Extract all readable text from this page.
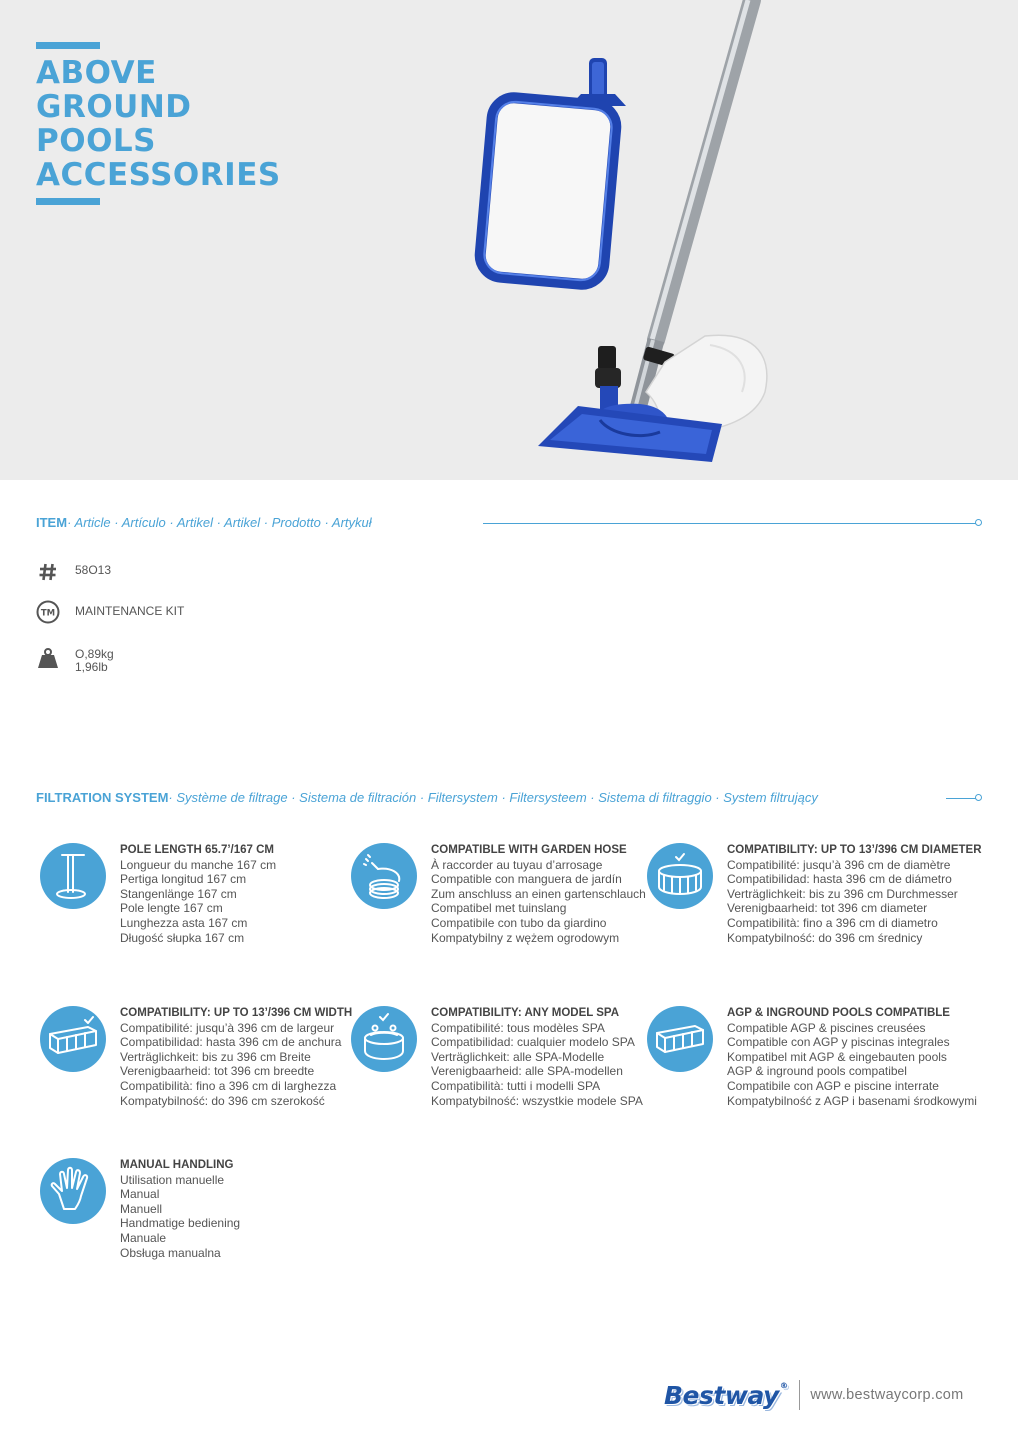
ABOVE
GROUND
POOLS
ACCESSORIES
ITEM · Article · Artículo · Artikel · Artikel · Prodotto · Artykuł
58O13
TM MAINTENANCE KIT
O,89kg
1,96lb
FILTRATION SYSTEM · Système de filtrage · Sistema de filtración · Filtersystem · Filtersysteem · Sistema di filtraggio · System filtrujący
POLE LENGTH 65.7’/167 CM
Longueur du manche 167 cm
Pertiga longitud 167 cm
Stangenlänge 167 cm
Pole lengte 167 cm
Lunghezza asta 167 cm
Długość słupka 167 cm
COMPATIBLE WITH GARDEN HOSE
À raccorder au tuyau d’arrosage
Compatible con manguera de jardín
Zum anschluss an einen gartenschlauch
Compatibel met tuinslang
Compatibile con tubo da giardino
Kompatybilny z wężem ogrodowym
COMPATIBILITY: UP TO 13’/396 CM DIAMETER
Compatibilité: jusqu’à 396 cm de diamètre
Compatibilidad: hasta 396 cm de diámetro
Verträglichkeit: bis zu 396 cm Durchmesser
Verenigbaarheid: tot 396 cm diameter
Compatibilità: fino a 396 cm di diametro
Kompatybilność: do 396 cm średnicy
COMPATIBILITY: UP TO 13’/396 CM WIDTH
Compatibilité: jusqu’à 396 cm de largeur
Compatibilidad: hasta 396 cm de anchura
Verträglichkeit: bis zu 396 cm Breite
Verenigbaarheid: tot 396 cm breedte
Compatibilità: fino a 396 cm di larghezza
Kompatybilność: do 396 cm szerokość
COMPATIBILITY: ANY MODEL SPA
Compatibilité: tous modèles SPA
Compatibilidad: cualquier modelo SPA
Verträglichkeit: alle SPA-Modelle
Verenigbaarheid: alle SPA-modellen
Compatibilità: tutti i modelli SPA
Kompatybilność: wszystkie modele SPA
AGP & INGROUND POOLS COMPATIBLE
Compatible AGP & piscines creusées
Compatible con AGP y piscinas integrales
Kompatibel mit AGP & eingebauten pools
AGP & inground pools compatibel
Compatibile con AGP e piscine interrate
Kompatybilność z AGP i basenami środkowymi
MANUAL HANDLING
Utilisation manuelle
Manual
Manuell
Handmatige bediening
Manuale
Obsługa manualna
Bestway®
www.bestwaycorp.com
